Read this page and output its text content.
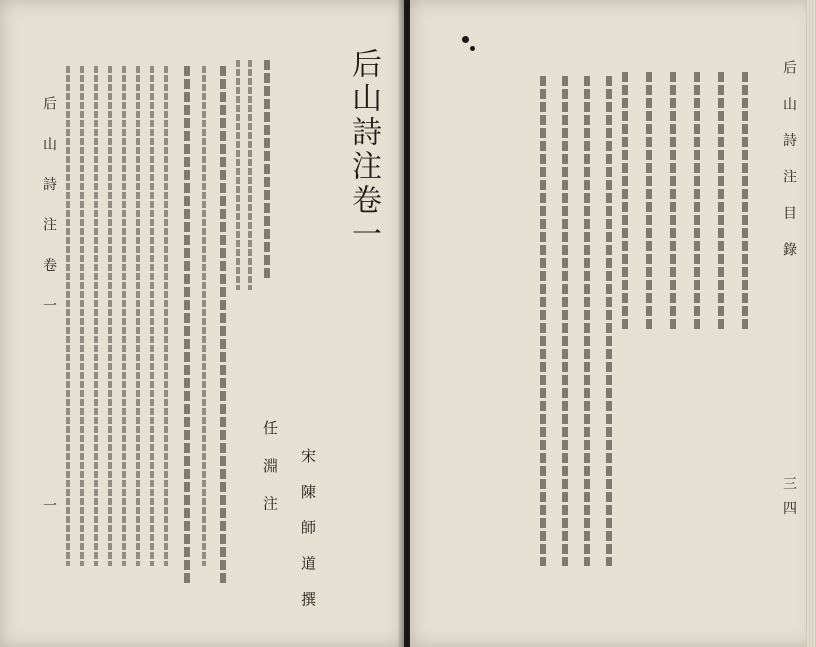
后 山 詩 注 卷 一
一	任 淵 注 宋 陳 師 道 撰
后山詩注卷一	后 山 詩 注 目 錄
三 四
